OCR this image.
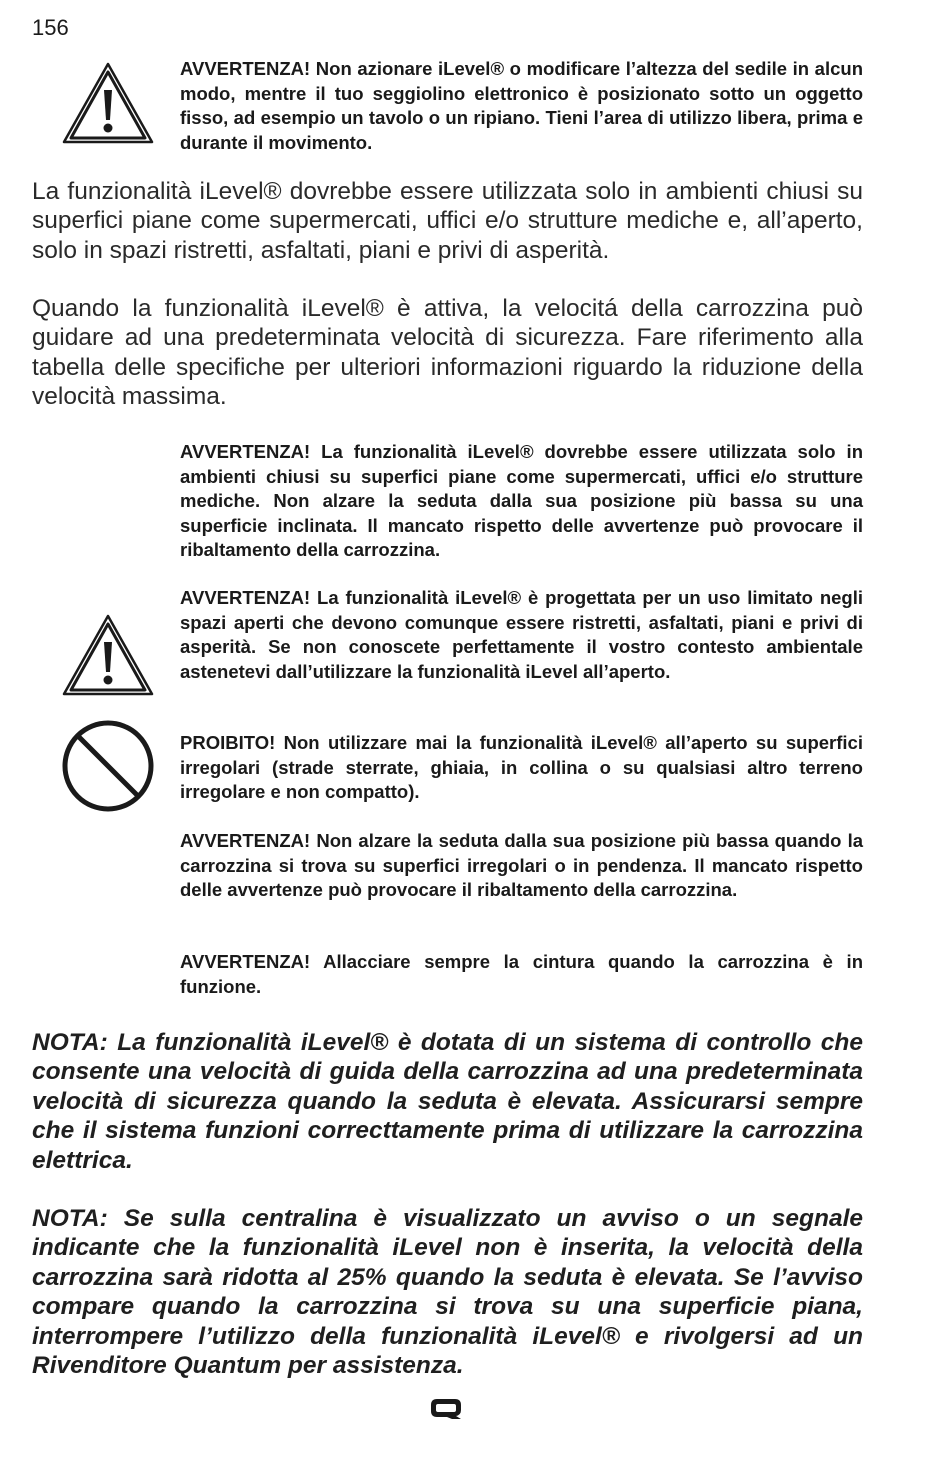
156
AVVERTENZA! Non azionare iLevel® o modificare l’altezza del sedile in alcun modo, mentre il tuo seggiolino elettronico è posizionato sotto un oggetto fisso, ad esempio un tavolo o un ripiano. Tieni l’area di utilizzo libera, prima e durante il movimento.
La funzionalità iLevel® dovrebbe essere utilizzata solo in ambienti chiusi su superfici piane come supermercati, uffici e/o strutture mediche e, all’aperto, solo in spazi ristretti, asfaltati, piani e privi di asperità.
Quando la funzionalità iLevel® è attiva, la velocitá della carrozzina può guidare ad una predeterminata velocità di sicurezza. Fare riferimento alla tabella delle specifiche per ulteriori informazioni riguardo la riduzione della velocità massima.
AVVERTENZA! La funzionalità iLevel® dovrebbe essere utilizzata solo in ambienti chiusi su superfici piane come supermercati, uffici e/o strutture mediche. Non alzare la seduta dalla sua posizione più bassa su una superficie inclinata. Il mancato rispetto delle avvertenze può provocare il ribaltamento della carrozzina.
AVVERTENZA! La funzionalità iLevel® è progettata per un uso limitato negli spazi aperti che devono comunque essere ristretti, asfaltati, piani e privi di asperità. Se non conoscete perfettamente il vostro contesto ambientale astenetevi dall’utilizzare la funzionalità iLevel all’aperto.
PROIBITO! Non utilizzare mai la funzionalità iLevel® all’aperto su superfici irregolari (strade sterrate, ghiaia, in collina o su qualsiasi altro terreno irregolare e non compatto).
AVVERTENZA! Non alzare la seduta dalla sua posizione più bassa quando la carrozzina si trova su superfici irregolari o in pendenza. Il mancato rispetto delle avvertenze può provocare il ribaltamento della carrozzina.
AVVERTENZA! Allacciare sempre la cintura quando la carrozzina è in funzione.
NOTA: La funzionalità iLevel® è dotata di un sistema di controllo che consente una velocità di guida della carrozzina ad una predeterminata velocità di sicurezza quando la seduta è elevata. Assicurarsi sempre che il sistema funzioni correcttamente prima di utilizzare la carrozzina elettrica.
NOTA: Se sulla centralina è visualizzato un avviso o un segnale indicante che la funzionalità iLevel non è inserita, la velocità della carrozzina sarà ridotta al 25% quando la seduta è elevata. Se l’avviso compare quando la carrozzina si trova su una superficie piana, interrompere l’utilizzo della funzionalità iLevel® e rivolgersi ad un Rivenditore Quantum per assistenza.
